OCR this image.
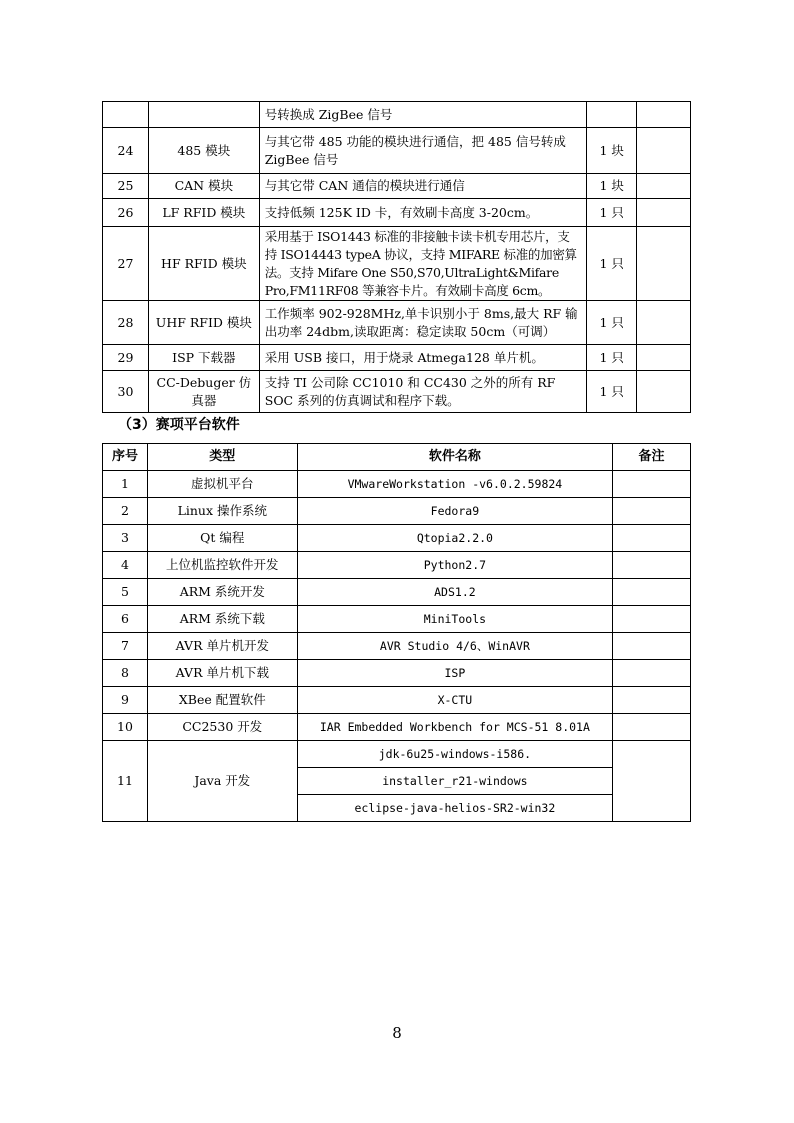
		号转换成 ZigBee 信号		
24	485 模块	与其它带 485 功能的模块进行通信，把 485 信号转成 ZigBee 信号	1 块	
25	CAN 模块	与其它带 CAN 通信的模块进行通信	1 块	
26	LF RFID 模块	支持低频 125K ID 卡，有效刷卡高度 3-20cm。	1 只	
27	HF RFID 模块	采用基于 ISO1443 标准的非接触卡读卡机专用芯片，支持 ISO14443 typeA 协议，支持 MIFARE 标准的加密算法。支持 Mifare One S50,S70,UltraLight&Mifare Pro,FM11RF08 等兼容卡片。有效刷卡高度 6cm。	1 只	
28	UHF RFID 模块	工作频率 902-928MHz,单卡识别小于 8ms,最大 RF 输出功率 24dbm,读取距离：稳定读取 50cm（可调）	1 只	
29	ISP 下载器	采用 USB 接口，用于烧录 Atmega128 单片机。	1 只	
30	CC-Debuger 仿真器	支持 TI 公司除 CC1010 和 CC430 之外的所有 RF SOC 系列的仿真调试和程序下载。	1 只	
（3）赛项平台软件
序号	类型	软件名称	备注
1	虚拟机平台	VMwareWorkstation -v6.0.2.59824	
2	Linux 操作系统	Fedora9	
3	Qt 编程	Qtopia2.2.0	
4	上位机监控软件开发	Python2.7	
5	ARM 系统开发	ADS1.2	
6	ARM 系统下载	MiniTools	
7	AVR 单片机开发	AVR Studio 4/6、WinAVR	
8	AVR 单片机下载	ISP	
9	XBee 配置软件	X-CTU	
10	CC2530 开发	IAR Embedded Workbench for MCS-51 8.01A	
11	Java 开发	jdk-6u25-windows-i586.	
		installer_r21-windows	
		eclipse-java-helios-SR2-win32	
8
